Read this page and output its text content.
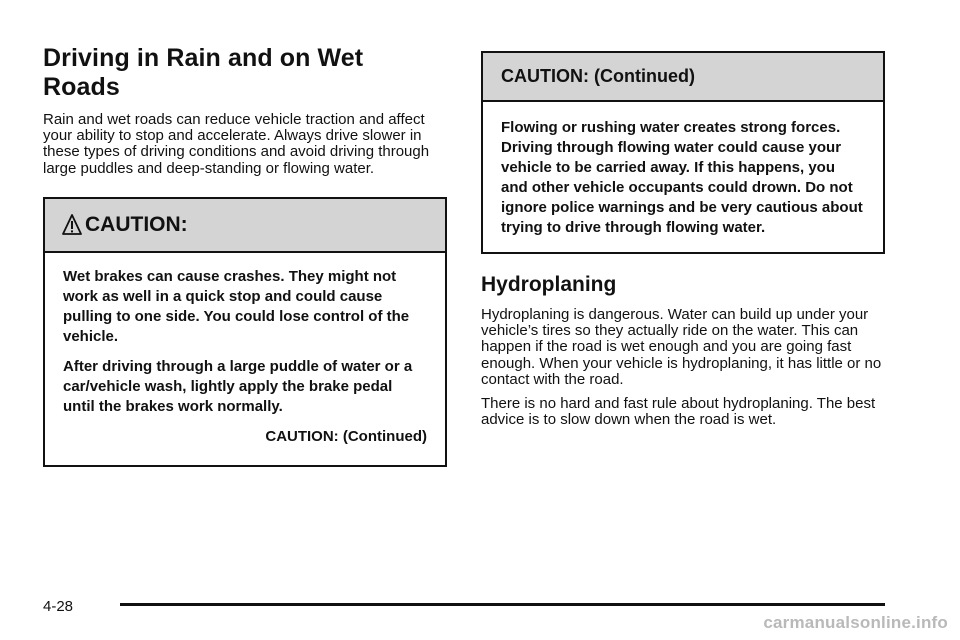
Driving in Rain and on Wet Roads

Rain and wet roads can reduce vehicle traction and affect your ability to stop and accelerate. Always drive slower in these types of driving conditions and avoid driving through large puddles and deep-standing or flowing water.

CAUTION:

Wet brakes can cause crashes. They might not work as well in a quick stop and could cause pulling to one side. You could lose control of the vehicle.

After driving through a large puddle of water or a car/vehicle wash, lightly apply the brake pedal until the brakes work normally.

CAUTION: (Continued)

CAUTION: (Continued)

Flowing or rushing water creates strong forces. Driving through flowing water could cause your vehicle to be carried away. If this happens, you and other vehicle occupants could drown. Do not ignore police warnings and be very cautious about trying to drive through flowing water.

Hydroplaning

Hydroplaning is dangerous. Water can build up under your vehicle’s tires so they actually ride on the water. This can happen if the road is wet enough and you are going fast enough. When your vehicle is hydroplaning, it has little or no contact with the road.

There is no hard and fast rule about hydroplaning. The best advice is to slow down when the road is wet.

4-28
carmanualsonline.info
